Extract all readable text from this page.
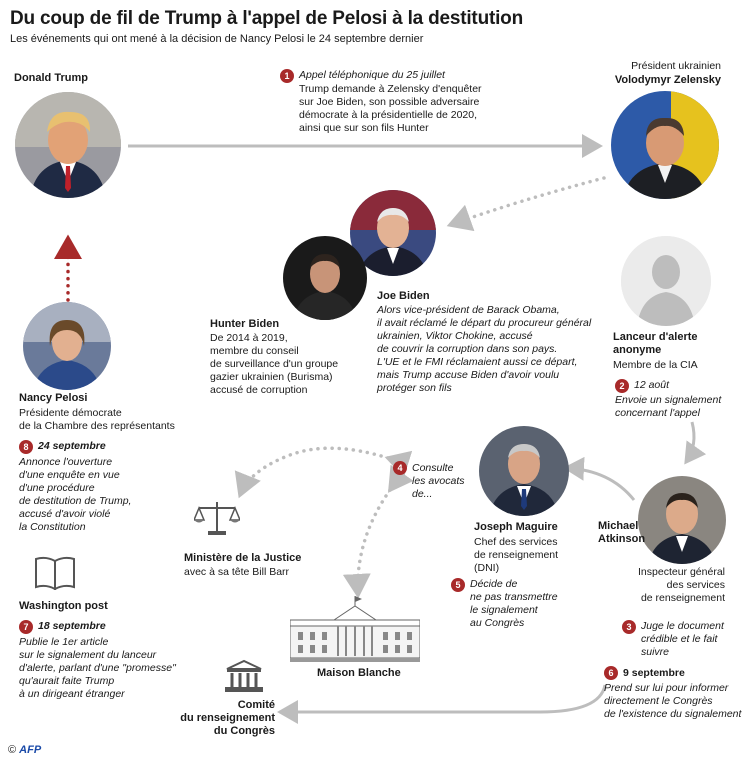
Du coup de fil de Trump à l'appel de Pelosi à la destitution
Les événements qui ont mené à la décision de Nancy Pelosi le 24 septembre dernier
Donald Trump	1 Appel téléphonique du 25 juillet
Trump demande à Zelensky d'enquêter
sur Joe Biden, son possible adversaire
démocrate à la présidentielle de 2020,
ainsi que sur son fils Hunter
Président ukrainien
Volodymyr Zelensky
Joe Biden
Alors vice-président de Barack Obama,
il avait réclamé le départ du procureur général
ukrainien, Viktor Chokine, accusé
de couvrir la corruption dans son pays.
L'UE et le FMI réclamaient aussi ce départ,
mais Trump accuse Biden d'avoir voulu
protéger son fils
Hunter Biden
De 2014 à 2019,
membre du conseil
de surveillance d'un groupe
gazier ukrainien (Burisma)
accusé de corruption
Lanceur d'alerte
anonyme
Membre de la CIA
2 12 août
Envoie un signalement
concernant l'appel
Nancy Pelosi
Présidente démocrate
de la Chambre des représentants
8 24 septembre
Annonce l'ouverture
d'une enquête en vue
d'une procédure
de destitution de Trump,
accusé d'avoir violé
la Constitution
Ministère de la Justice
avec à sa tête Bill Barr
4 Consulte
les avocats
de...
Joseph Maguire
Chef des services
de renseignement
(DNI)
5 Décide de
ne pas transmettre
le signalement
au Congrès
Michael
Atkinson
Inspecteur général
des services
de renseignement
3 Juge le document
crédible et le fait
suivre
6 9 septembre
Prend sur lui pour informer
directement le Congrès
de l'existence du signalement
Maison Blanche
Washington post
7 18 septembre
Publie le 1er article
sur le signalement du lanceur
d'alerte, parlant d'une "promesse"
qu'aurait faite Trump
à un dirigeant étranger
Comité
du renseignement
du Congrès
© AFP
